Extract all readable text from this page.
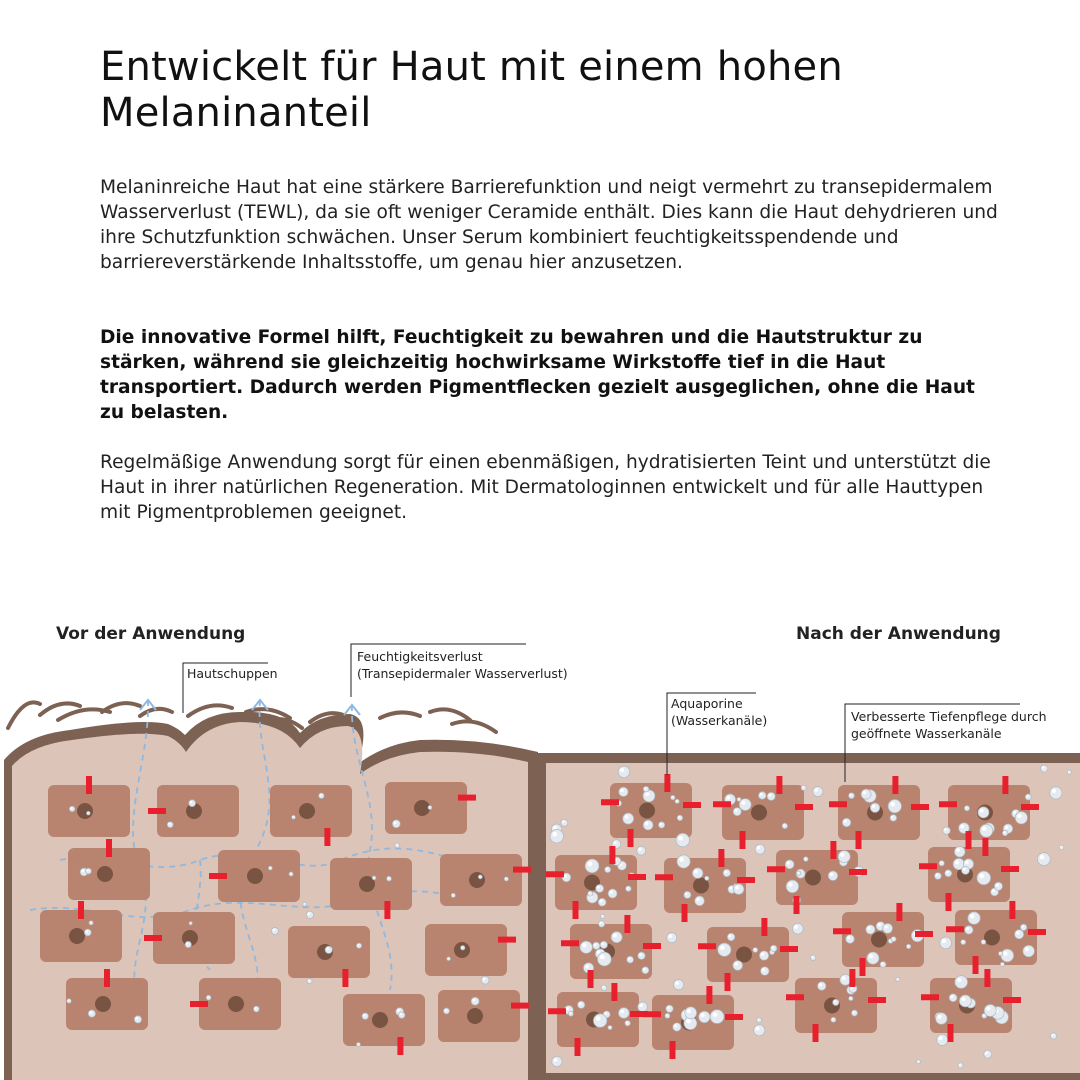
Entwickelt für Haut mit einem hohen Melaninanteil

Melaninreiche Haut hat eine stärkere Barrierefunktion und neigt vermehrt zu transepidermalem Wasserverlust (TEWL), da sie oft weniger Ceramide enthält. Dies kann die Haut dehydrieren und ihre Schutzfunktion schwächen. Unser Serum kombiniert feuchtigkeitsspendende und barriereverstärkende Inhaltsstoffe, um genau hier anzusetzen.

Die innovative Formel hilft, Feuchtigkeit zu bewahren und die Hautstruktur zu stärken, während sie gleichzeitig hochwirksame Wirkstoffe tief in die Haut transportiert. Dadurch werden Pigmentflecken gezielt ausgeglichen, ohne die Haut zu belasten.

Regelmäßige Anwendung sorgt für einen ebenmäßigen, hydratisierten Teint und unterstützt die Haut in ihrer natürlichen Regeneration. Mit Dermatologinnen entwickelt und für alle Hauttypen mit Pigmentproblemen geeignet.

Vor der Anwendung	Nach der Anwendung
Hautschuppen
Feuchtigkeitsverlust
(Transepidermaler Wasserverlust)
Aquaporine
(Wasserkanäle)	Verbesserte Tiefenpflege durch
geöffnete Wasserkanäle
